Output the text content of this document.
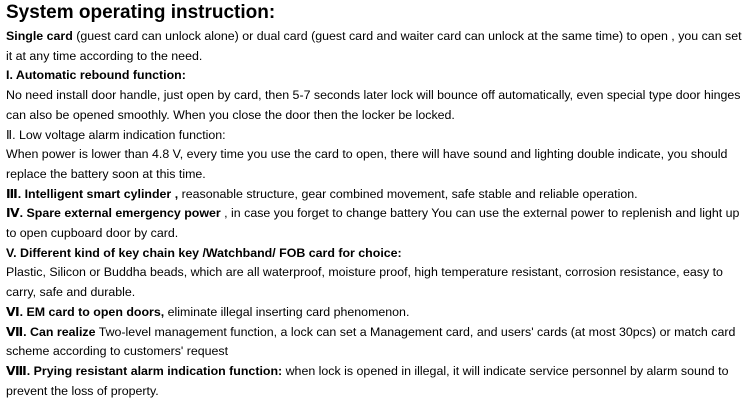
System operating instruction:

Single card (guest card can unlock alone) or dual card (guest card and waiter card can unlock at the same time) to open , you can set it at any time according to the need.

I. Automatic rebound function:

No need install door handle, just open by card, then 5-7 seconds later lock will bounce off automatically, even special type door hinges can also be opened smoothly. When you close the door then the locker be locked.

Ⅱ. Low voltage alarm indication function:

When power is lower than 4.8 V, every time you use the card to open, there will have sound and lighting double indicate, you should replace the battery soon at this time.

Ⅲ. Intelligent smart cylinder , reasonable structure, gear combined movement, safe stable and reliable operation.

Ⅳ. Spare external emergency power , in case you forget to change battery You can use the external power to replenish and light up to open cupboard door by card.

V. Different kind of key chain key /Watchband/ FOB card for choice:

Plastic, Silicon or Buddha beads, which are all waterproof, moisture proof, high temperature resistant, corrosion resistance, easy to carry, safe and durable.

Ⅵ. EM card to open doors, eliminate illegal inserting card phenomenon.

Ⅶ. Can realize Two-level management function, a lock can set a Management card, and users' cards (at most 30pcs) or match card scheme according to customers' request

Ⅷ. Prying resistant alarm indication function: when lock is opened in illegal, it will indicate service personnel by alarm sound to prevent the loss of property.
